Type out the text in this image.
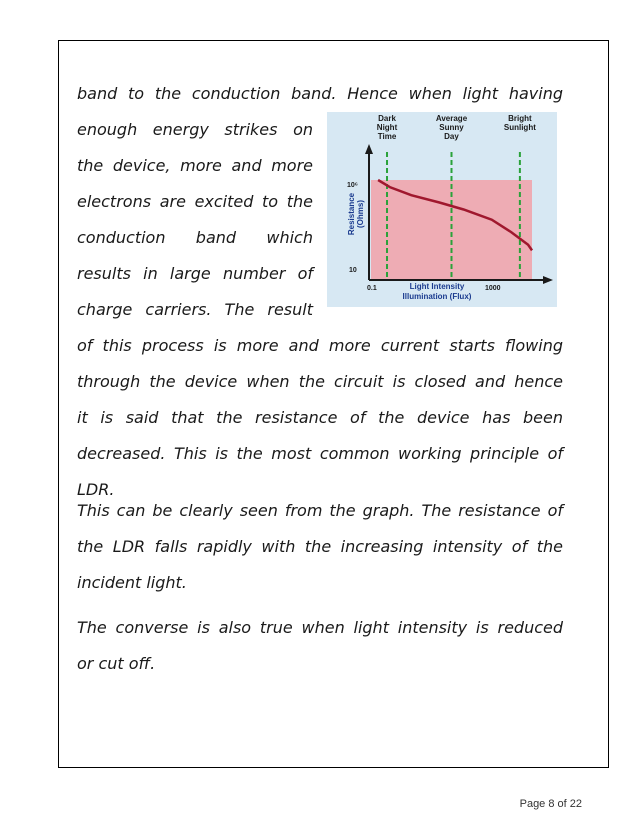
band to the conduction band. Hence when light having
enough energy strikes on
the device, more and more
electrons are excited to the
conduction band which
results in large number of
charge carriers. The result
of this process is more and more current starts flowing
through the device when the circuit is closed and hence
it is said that the resistance of the device has been
decreased. This is the most common working principle of
LDR.
This can be clearly seen from the graph. The resistance of
the LDR falls rapidly with the increasing intensity of the
incident light.
The converse is also true when light intensity is reduced
or cut off.
Dark
Night
Time
Average
Sunny
Day
Bright
Sunlight
10⁶
10
0.1	1000
Resistance (Ohms)
Light Intensity
Illumination (Flux)
Page 8 of 22
